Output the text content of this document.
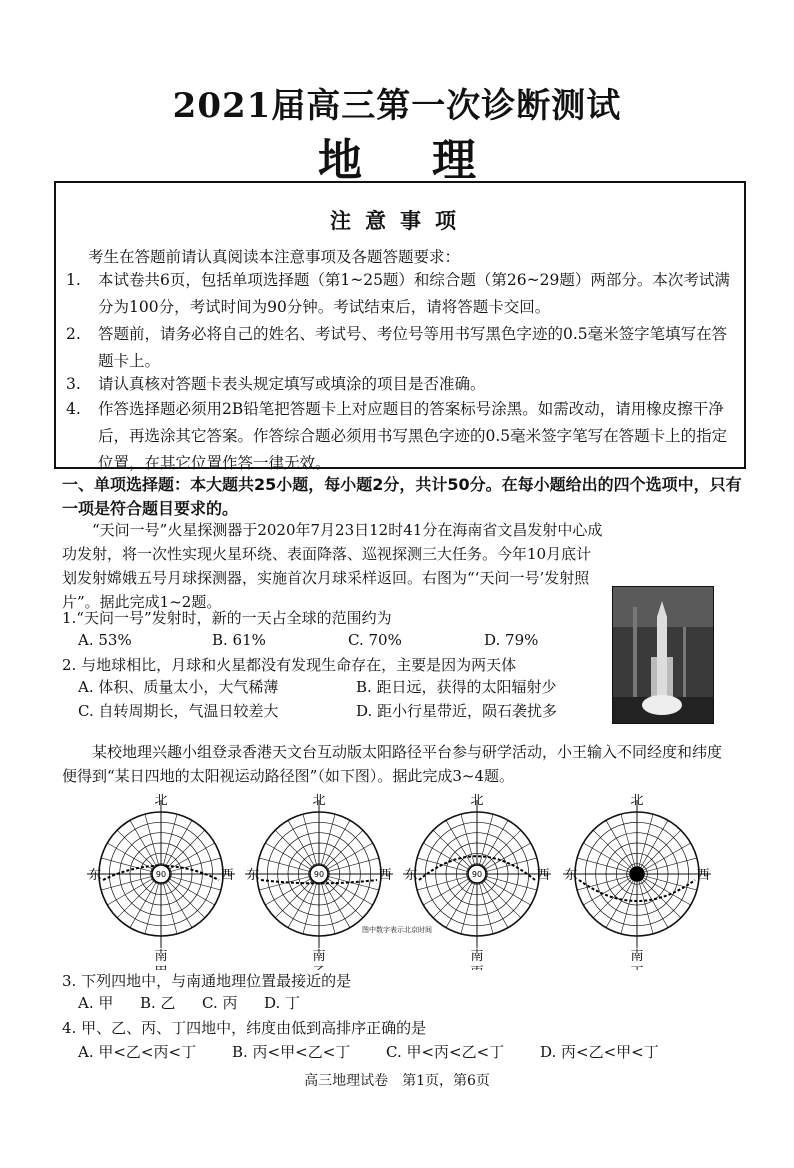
2021届高三第一次诊断测试
地理
注意事项
考生在答题前请认真阅读本注意事项及各题答题要求：
1.	本试卷共6页，包括单项选择题（第1~25题）和综合题（第26~29题）两部分。本次考试满分为100分，考试时间为90分钟。考试结束后，请将答题卡交回。
2.	答题前，请务必将自己的姓名、考试号、考位号等用书写黑色字迹的0.5毫米签字笔填写在答题卡上。
3.	请认真核对答题卡表头规定填写或填涂的项目是否准确。
4.	作答选择题必须用2B铅笔把答题卡上对应题目的答案标号涂黑。如需改动，请用橡皮擦干净后，再选涂其它答案。作答综合题必须用书写黑色字迹的0.5毫米签字笔写在答题卡上的指定位置，在其它位置作答一律无效。
一、单项选择题：本大题共25小题，每小题2分，共计50分。在每小题给出的四个选项中，只有一项是符合题目要求的。
“天问一号”火星探测器于2020年7月23日12时41分在海南省文昌发射中心成功发射，将一次性实现火星环绕、表面降落、巡视探测三大任务。今年10月底计划发射嫦娥五号月球探测器，实施首次月球采样返回。右图为“‘天问一号’发射照片”。据此完成1~2题。
1.“天问一号”发射时，新的一天占全球的范围约为
A. 53%	B. 61%	C. 70%	D. 79%
2. 与地球相比，月球和火星都没有发现生命存在，主要是因为两天体
A. 体积、质量太小，大气稀薄	B. 距日远，获得的太阳辐射少
C. 自转周期长，气温日较差大	D. 距小行星带近，陨石袭扰多
某校地理兴趣小组登录香港天文台互动版太阳路径平台参与研学活动，小王输入不同经度和纬度便得到“某日四地的太阳视运动路径图”（如下图）。据此完成3~4题。
北
南
东	西
90
北
南
东	西
90
北
南
东	西
90
北
南
东	西
图中数字表示北京时间
3. 下列四地中，与南通地理位置最接近的是
A. 甲 B. 乙 C. 丙 D. 丁
高三地理试卷　第1页，第6页
4. 甲、乙、丙、丁四地中，纬度由低到高排序正确的是
A. 甲<乙<丙<丁 B. 丙<甲<乙<丁 C. 甲<丙<乙<丁 D. 丙<乙<甲<丁
